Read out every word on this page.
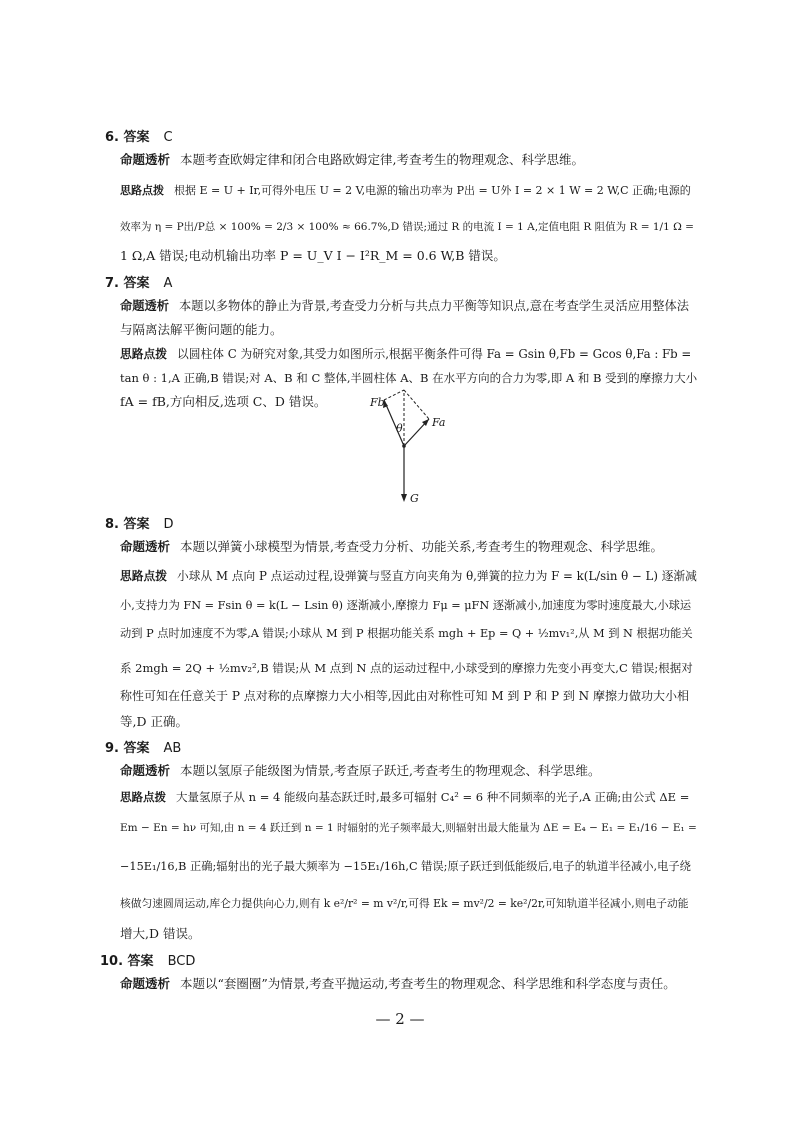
6. 答案 C
命题透析 本题考查欧姆定律和闭合电路欧姆定律,考查考生的物理观念、科学思维。
思路点拨 根据 E = U + Ir,可得外电压 U = 2 V,电源的输出功率为 P出 = U外 I = 2 × 1 W = 2 W,C 正确;电源的
效率为 η = P出/P总 × 100% = 2/3 × 100% ≈ 66.7%,D 错误;通过 R 的电流 I = 1 A,定值电阻 R 阻值为 R = 1/1 Ω =
1 Ω,A 错误;电动机输出功率 P = U_V I − I²R_M = 0.6 W,B 错误。
7. 答案 A
命题透析 本题以多物体的静止为背景,考查受力分析与共点力平衡等知识点,意在考查学生灵活应用整体法
与隔离法解平衡问题的能力。
思路点拨 以圆柱体 C 为研究对象,其受力如图所示,根据平衡条件可得 Fa = Gsin θ,Fb = Gcos θ,Fa : Fb =
tan θ : 1,A 正确,B 错误;对 A、B 和 C 整体,半圆柱体 A、B 在水平方向的合力为零,即 A 和 B 受到的摩擦力大小
fA = fB,方向相反,选项 C、D 错误。	Fb
θ	Fa
G
8. 答案 D
命题透析 本题以弹簧小球模型为情景,考查受力分析、功能关系,考查考生的物理观念、科学思维。
思路点拨 小球从 M 点向 P 点运动过程,设弹簧与竖直方向夹角为 θ,弹簧的拉力为 F = k(L/sin θ − L) 逐渐减
小,支持力为 FN = Fsin θ = k(L − Lsin θ) 逐渐减小,摩擦力 Fμ = μFN 逐渐减小,加速度为零时速度最大,小球运
动到 P 点时加速度不为零,A 错误;小球从 M 到 P 根据功能关系 mgh + Ep = Q + ½mv₁²,从 M 到 N 根据功能关
系 2mgh = 2Q + ½mv₂²,B 错误;从 M 点到 N 点的运动过程中,小球受到的摩擦力先变小再变大,C 错误;根据对
称性可知在任意关于 P 点对称的点摩擦力大小相等,因此由对称性可知 M 到 P 和 P 到 N 摩擦力做功大小相
等,D 正确。
9. 答案 AB
命题透析 本题以氢原子能级图为情景,考查原子跃迁,考查考生的物理观念、科学思维。
思路点拨 大量氢原子从 n = 4 能级向基态跃迁时,最多可辐射 C₄² = 6 种不同频率的光子,A 正确;由公式 ΔE =
Em − En = hν 可知,由 n = 4 跃迁到 n = 1 时辐射的光子频率最大,则辐射出最大能量为 ΔE = E₄ − E₁ = E₁/16 − E₁ =
−15E₁/16,B 正确;辐射出的光子最大频率为 −15E₁/16h,C 错误;原子跃迁到低能级后,电子的轨道半径减小,电子绕
核做匀速圆周运动,库仑力提供向心力,则有 k e²/r² = m v²/r,可得 Ek = mv²/2 = ke²/2r,可知轨道半径减小,则电子动能
增大,D 错误。
10. 答案 BCD
命题透析 本题以“套圈圈”为情景,考查平抛运动,考查考生的物理观念、科学思维和科学态度与责任。
— 2 —
